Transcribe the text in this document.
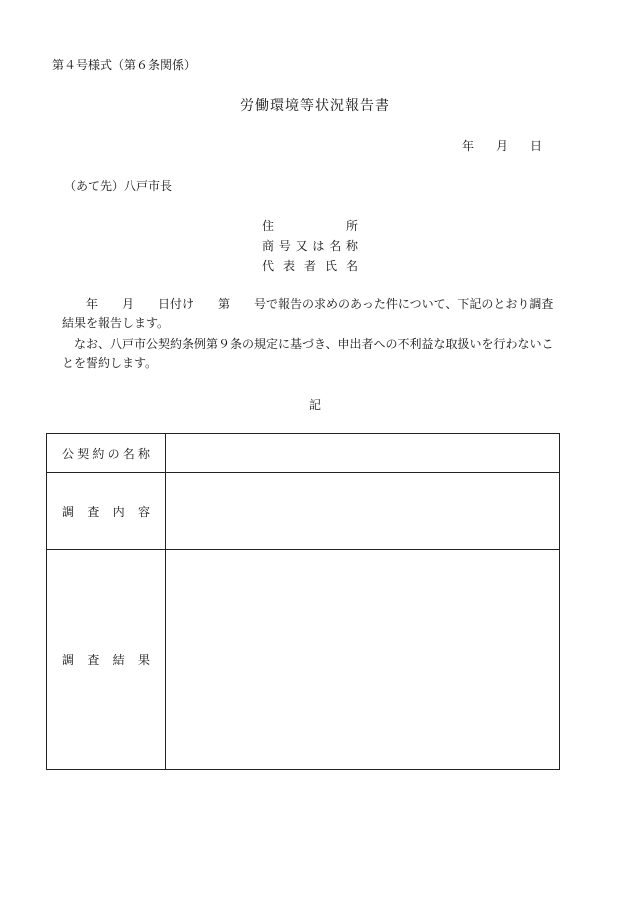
第４号様式（第６条関係）
労働環境等状況報告書
年 月 日
（あて先）八戸市長
住所
商号又は名称
代表者氏名
　　年　　月　　日付け　　第　　号で報告の求めのあった件について、下記のとおり調査結果を報告します。
　なお、八戸市公契約条例第９条の規定に基づき、申出者への不利益な取扱いを行わないことを誓約します。
記
公契約の名称	
調査内容	
調査結果	
